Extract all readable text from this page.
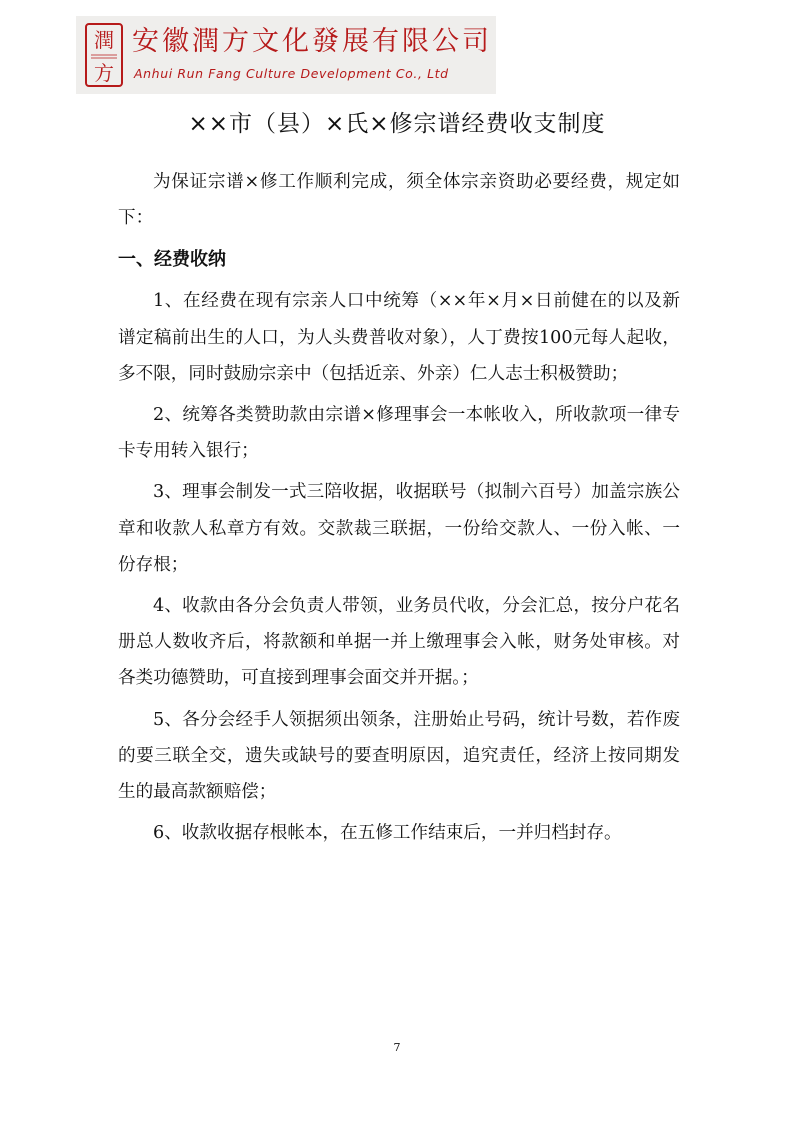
潤
方
安徽潤方文化發展有限公司
Anhui Run Fang Culture Development Co., Ltd
××市（县）×氏×修宗谱经费收支制度

为保证宗谱×修工作顺利完成，须全体宗亲资助必要经费，规定如下：

一、经费收纳

1、在经费在现有宗亲人口中统筹（××年×月×日前健在的以及新谱定稿前出生的人口，为人头费普收对象），人丁费按100元每人起收，多不限，同时鼓励宗亲中（包括近亲、外亲）仁人志士积极赞助；

2、统筹各类赞助款由宗谱×修理事会一本帐收入，所收款项一律专卡专用转入银行；

3、理事会制发一式三陪收据，收据联号（拟制六百号）加盖宗族公章和收款人私章方有效。交款裁三联据，一份给交款人、一份入帐、一份存根；

4、收款由各分会负责人带领，业务员代收，分会汇总，按分户花名册总人数收齐后，将款额和单据一并上缴理事会入帐，财务处审核。对各类功德赞助，可直接到理事会面交并开据。；

5、各分会经手人领据须出领条，注册始止号码，统计号数，若作废的要三联全交，遗失或缺号的要查明原因，追究责任，经济上按同期发生的最高款额赔偿；

6、收款收据存根帐本，在五修工作结束后，一并归档封存。

7
